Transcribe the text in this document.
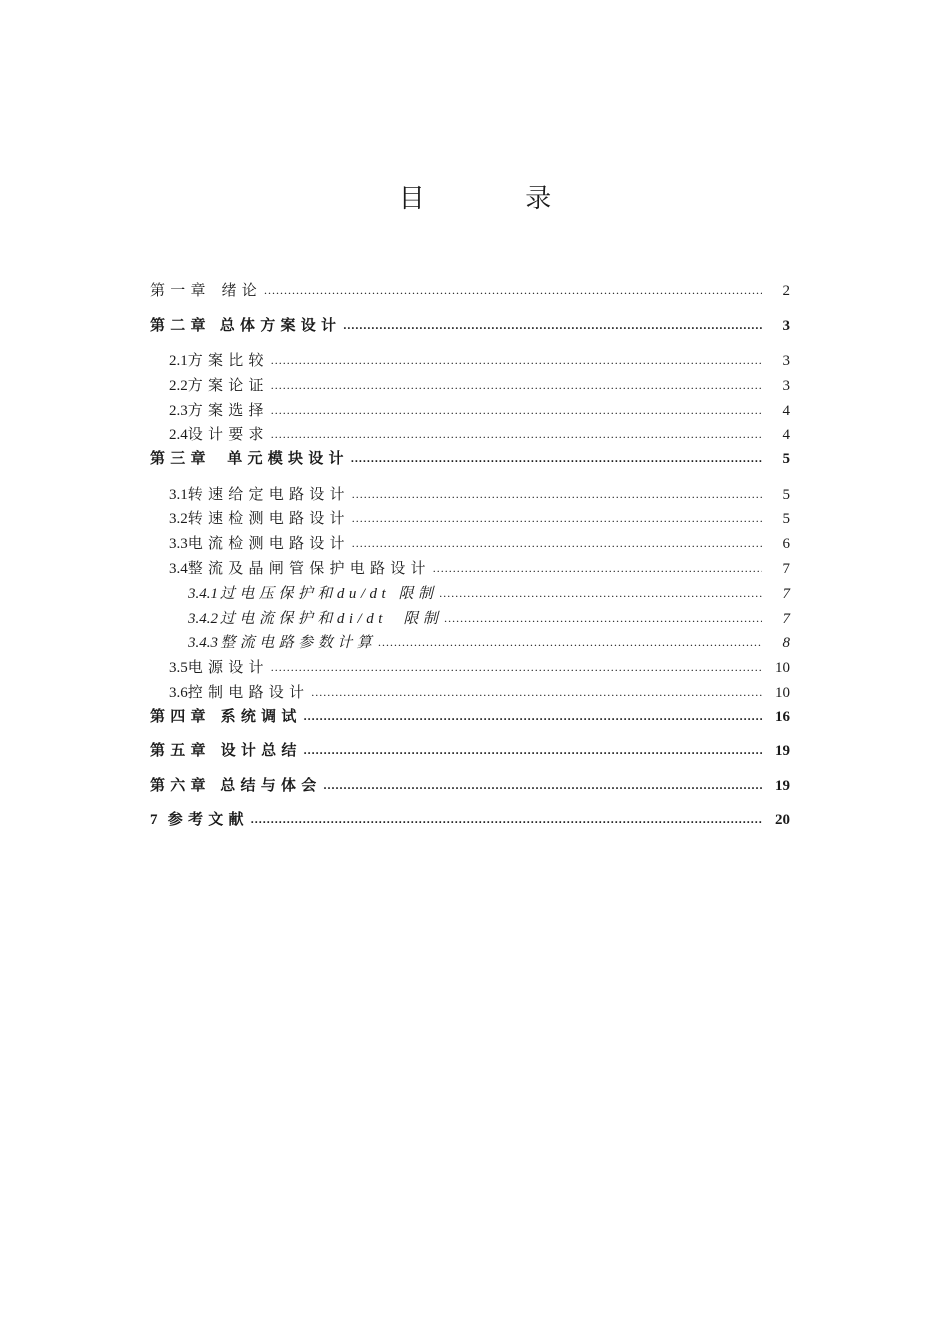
目	录
第一章 绪论 .....	2
第二章 总体方案设计 .....	3
2.1 方案比较 .....	3
2.2 方案论证 .....	3
2.3 方案选择 .....	4
2.4 设计要求 .....	4
第三章 单元模块设计 .....	5
3.1 转速给定电路设计 .....	5
3.2 转速检测电路设计 .....	5
3.3 电流检测电路设计 .....	6
3.4 整流及晶闸管保护电路设计 .....	7
3.4.1 过电压保护和du/dt 限制 .....	7
3.4.2 过电流保护和di/dt  限制 .....	7
3.4.3 整流电路参数计算 .....	8
3.5 电源设计 .....	10
3.6 控制电路设计 .....	10
第四章 系统调试 .....	16
第五章 设计总结 .....	19
第六章 总结与体会 .....	19
7 参考文献 .....	20
